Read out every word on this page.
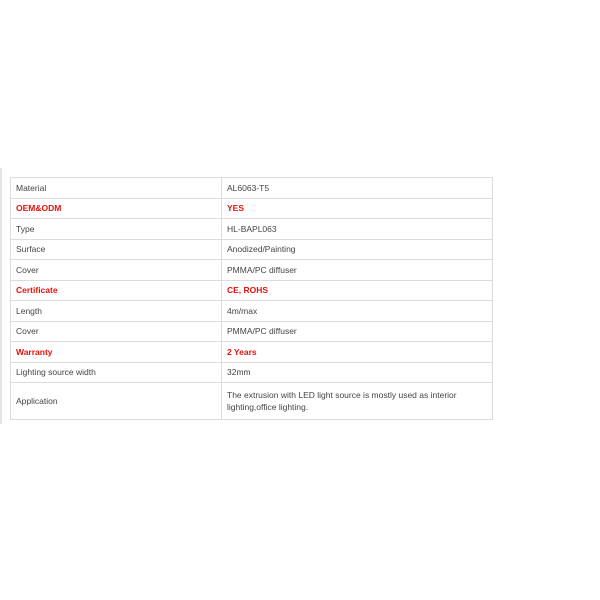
Material	AL6063-T5
OEM&ODM	YES
Type	HL-BAPL063
Surface	Anodized/Painting
Cover	PMMA/PC diffuser
Certificate	CE, ROHS
Length	4m/max
Cover	PMMA/PC diffuser
Warranty	2 Years
Lighting source width	32mm
Application	The extrusion with LED light source is mostly used as interior lighting,office lighting.
